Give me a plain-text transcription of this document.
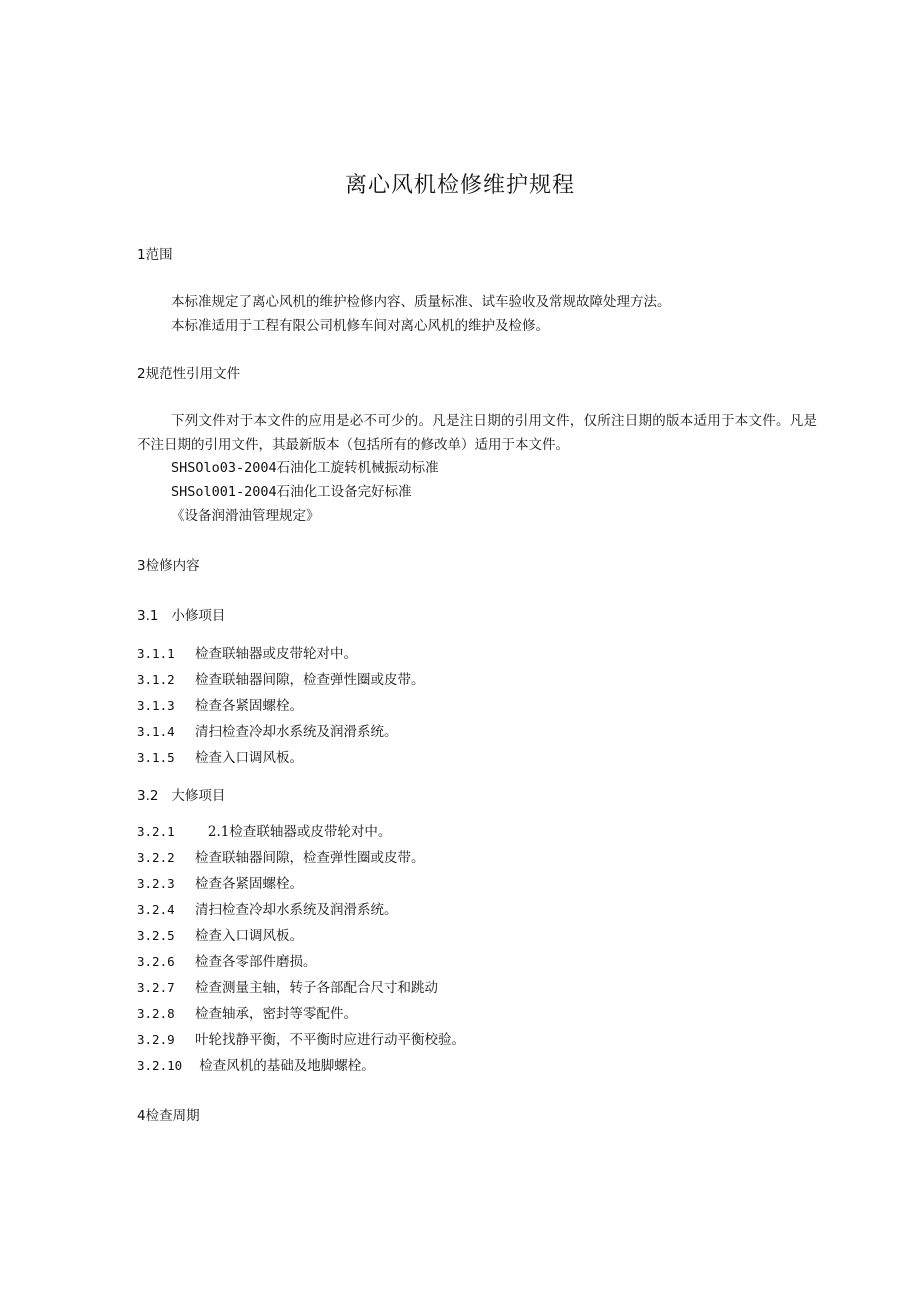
离心风机检修维护规程
1范围
本标准规定了离心风机的维护检修内容、质量标准、试车验收及常规故障处理方法。
本标准适用于工程有限公司机修车间对离心风机的维护及检修。
2规范性引用文件
下列文件对于本文件的应用是必不可少的。凡是注日期的引用文件，仅所注日期的版本适用于本文件。凡是不注日期的引用文件，其最新版本（包括所有的修改单）适用于本文件。
SHSOlo03-2004石油化工旋转机械振动标准
SHSol001-2004石油化工设备完好标准
《设备润滑油管理规定》
3检修内容
3.1   小修项目
3.1.1 检查联轴器或皮带轮对中。
3.1.2 检查联轴器间隙，检查弹性圈或皮带。
3.1.3 检查各紧固螺栓。
3.1.4 清扫检查冷却水系统及润滑系统。
3.1.5 检查入口调风板。
3.2   大修项目
3.2.1   2.1检查联轴器或皮带轮对中。
3.2.2 检查联轴器间隙，检查弹性圈或皮带。
3.2.3 检查各紧固螺栓。
3.2.4 清扫检查冷却水系统及润滑系统。
3.2.5 检查入口调风板。
3.2.6 检查各零部件磨损。
3.2.7 检查测量主轴，转子各部配合尺寸和跳动
3.2.8 检查轴承，密封等零配件。
3.2.9 叶轮找静平衡，不平衡时应进行动平衡校验。
3.2.10 检查风机的基础及地脚螺栓。
4检查周期
